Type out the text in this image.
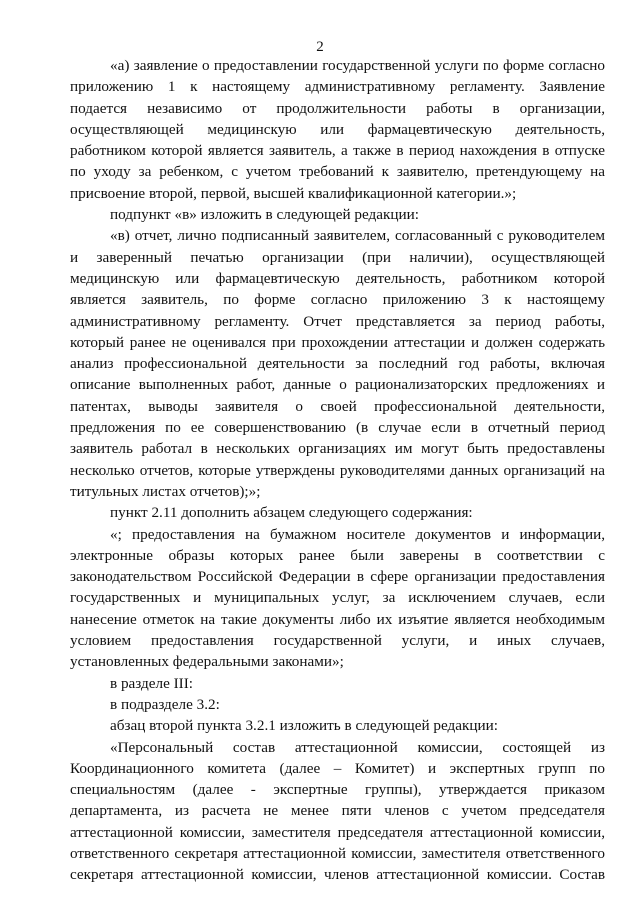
2
«а) заявление о предоставлении государственной услуги по форме согласно
приложению 1 к настоящему административному регламенту. Заявление
подается независимо от продолжительности работы в организации,
осуществляющей медицинскую или фармацевтическую деятельность,
работником которой является заявитель, а также в период нахождения в отпуске
по уходу за ребенком, с учетом требований к заявителю, претендующему на
присвоение второй, первой, высшей квалификационной категории.»;
подпункт «в» изложить в следующей редакции:
«в) отчет, лично подписанный заявителем, согласованный с руководителем
и заверенный печатью организации (при наличии), осуществляющей
медицинскую или фармацевтическую деятельность, работником которой
является заявитель, по форме согласно приложению 3 к настоящему
административному регламенту. Отчет представляется за период работы,
который ранее не оценивался при прохождении аттестации и должен содержать
анализ профессиональной деятельности за последний год работы, включая
описание выполненных работ, данные о рационализаторских предложениях и
патентах, выводы заявителя о своей профессиональной деятельности,
предложения по ее совершенствованию (в случае если в отчетный период
заявитель работал в нескольких организациях им могут быть предоставлены
несколько отчетов, которые утверждены руководителями данных организаций на
титульных листах отчетов);»;
пункт 2.11 дополнить абзацем следующего содержания:
«; предоставления на бумажном носителе документов и информации,
электронные образы которых ранее были заверены в соответствии с
законодательством Российской Федерации в сфере организации предоставления
государственных и муниципальных услуг, за исключением случаев, если
нанесение отметок на такие документы либо их изъятие является необходимым
условием предоставления государственной услуги, и иных случаев,
установленных федеральными законами»;
в разделе III:
в подразделе 3.2:
абзац второй пункта 3.2.1 изложить в следующей редакции:
«Персональный состав аттестационной комиссии, состоящей из
Координационного комитета (далее – Комитет) и экспертных групп по
специальностям (далее - экспертные группы), утверждается приказом
департамента, из расчета не менее пяти членов с учетом председателя
аттестационной комиссии, заместителя председателя аттестационной комиссии,
ответственного секретаря аттестационной комиссии, заместителя ответственного
секретаря аттестационной комиссии, членов аттестационной комиссии. Состав
